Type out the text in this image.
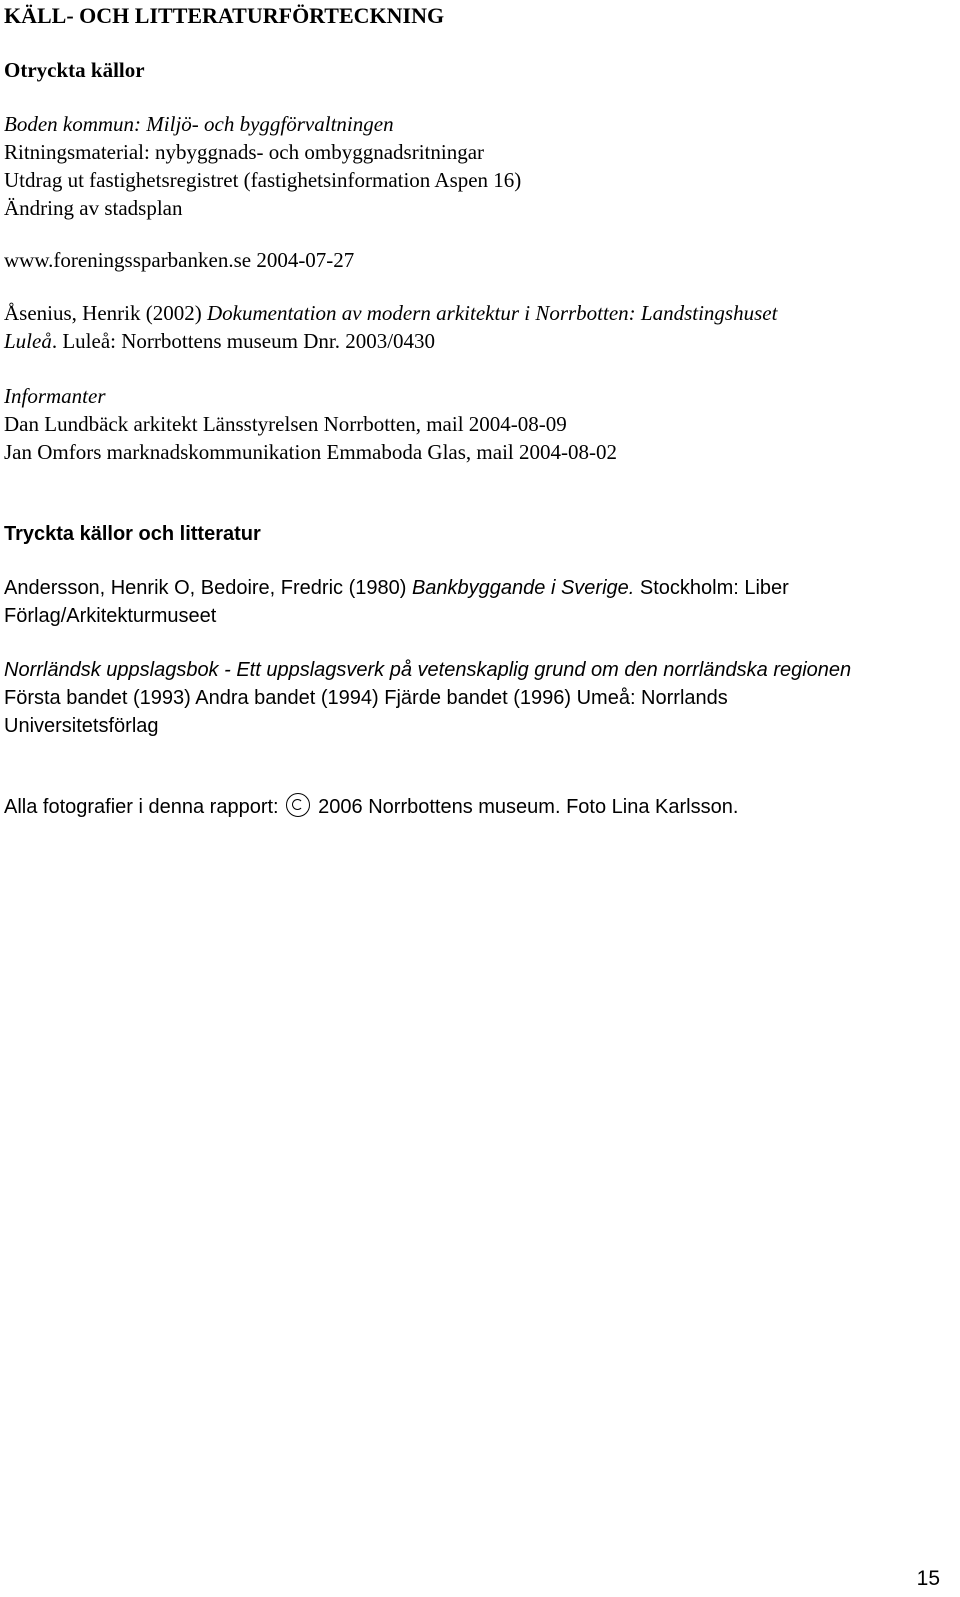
KÄLL- OCH LITTERATURFÖRTECKNING
Otryckta källor
Boden kommun: Miljö- och byggförvaltningen
Ritningsmaterial: nybyggnads- och ombyggnadsritningar
Utdrag ut fastighetsregistret (fastighetsinformation Aspen 16)
Ändring av stadsplan
www.foreningssparbanken.se 2004-07-27
Åsenius, Henrik (2002) Dokumentation av modern arkitektur i Norrbotten: Landstingshuset
Luleå. Luleå: Norrbottens museum Dnr. 2003/0430
Informanter
Dan Lundbäck arkitekt Länsstyrelsen Norrbotten, mail 2004-08-09
Jan Omfors marknadskommunikation Emmaboda Glas, mail 2004-08-02
Tryckta källor och litteratur
Andersson, Henrik O, Bedoire, Fredric (1980) Bankbyggande i Sverige. Stockholm: Liber
Förlag/Arkitekturmuseet
Norrländsk uppslagsbok - Ett uppslagsverk på vetenskaplig grund om den norrländska regionen
Första bandet (1993) Andra bandet (1994) Fjärde bandet (1996) Umeå: Norrlands
Universitetsförlag
Alla fotografier i denna rapport: 2006 Norrbottens museum. Foto Lina Karlsson.
15
